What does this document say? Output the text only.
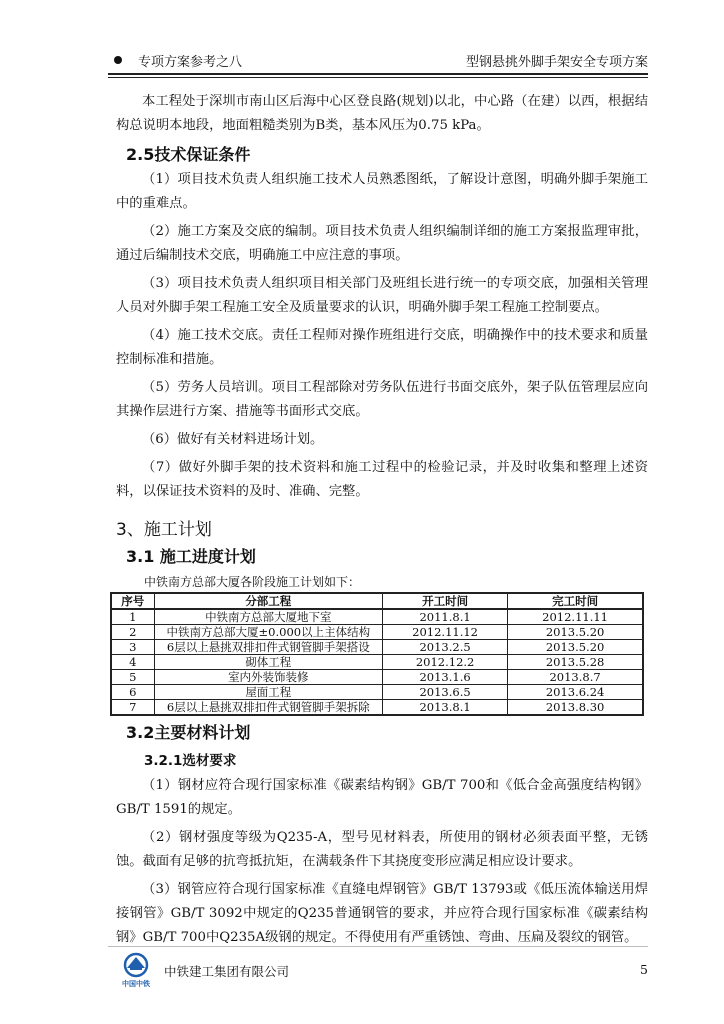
专项方案参考之八	型钢悬挑外脚手架安全专项方案

本工程处于深圳市南山区后海中心区登良路(规划)以北，中心路（在建）以西，根据结构总说明本地段，地面粗糙类别为B类，基本风压为0.75 kPa。

2.5技术保证条件

（1）项目技术负责人组织施工技术人员熟悉图纸，了解设计意图，明确外脚手架施工中的重难点。

（2）施工方案及交底的编制。项目技术负责人组织编制详细的施工方案报监理审批，通过后编制技术交底，明确施工中应注意的事项。

（3）项目技术负责人组织项目相关部门及班组长进行统一的专项交底，加强相关管理人员对外脚手架工程施工安全及质量要求的认识，明确外脚手架工程施工控制要点。

（4）施工技术交底。责任工程师对操作班组进行交底，明确操作中的技术要求和质量控制标准和措施。

（5）劳务人员培训。项目工程部除对劳务队伍进行书面交底外，架子队伍管理层应向其操作层进行方案、措施等书面形式交底。

（6）做好有关材料进场计划。

（7）做好外脚手架的技术资料和施工过程中的检验记录，并及时收集和整理上述资料，以保证技术资料的及时、准确、完整。

3、施工计划

3.1 施工进度计划

中铁南方总部大厦各阶段施工计划如下：

序号	分部工程	开工时间	完工时间
1	中铁南方总部大厦地下室	2011.8.1	2012.11.11
2	中铁南方总部大厦±0.000以上主体结构	2012.11.12	2013.5.20
3	6层以上悬挑双排扣件式钢管脚手架搭设	2013.2.5	2013.5.20
4	砌体工程	2012.12.2	2013.5.28
5	室内外装饰装修	2013.1.6	2013.8.7
6	屋面工程	2013.6.5	2013.6.24
7	6层以上悬挑双排扣件式钢管脚手架拆除	2013.8.1	2013.8.30

3.2主要材料计划

3.2.1选材要求

（1）钢材应符合现行国家标准《碳素结构钢》GB/T 700和《低合金高强度结构钢》GB/T 1591的规定。

（2）钢材强度等级为Q235-A，型号见材料表，所使用的钢材必须表面平整，无锈蚀。截面有足够的抗弯抵抗矩，在满载条件下其挠度变形应满足相应设计要求。

（3）钢管应符合现行国家标准《直缝电焊钢管》GB/T 13793或《低压流体输送用焊接钢管》GB/T 3092中规定的Q235普通钢管的要求，并应符合现行国家标准《碳素结构钢》GB/T 700中Q235A级钢的规定。不得使用有严重锈蚀、弯曲、压扁及裂纹的钢管。

中国中铁
中铁建工集团有限公司	5
